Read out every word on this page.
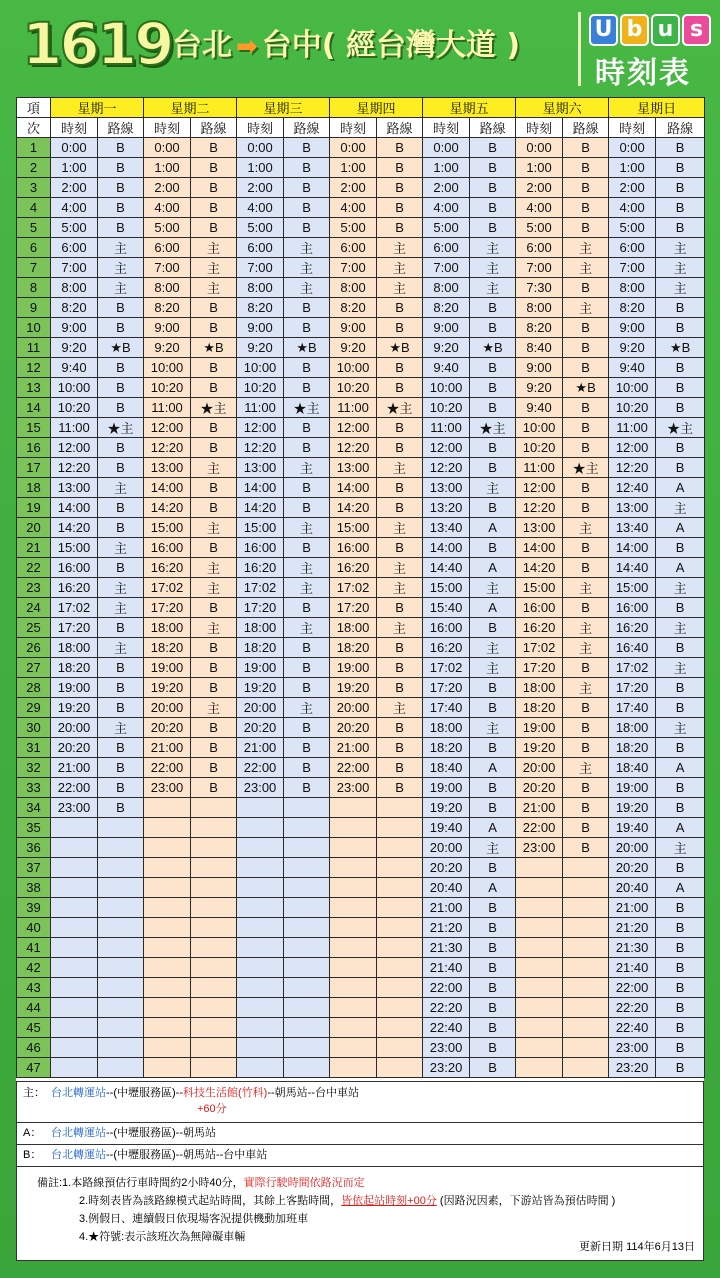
1619 台北 ➡ 台中( 經台灣大道 )	U b u s
時刻表
項	星期一		星期二		星期三		星期四		星期五		星期六		星期日	
次	時刻	路線	時刻	路線	時刻	路線	時刻	路線	時刻	路線	時刻	路線	時刻	路線
1	0:00	B	0:00	B	0:00	B	0:00	B	0:00	B	0:00	B	0:00	B
2	1:00	B	1:00	B	1:00	B	1:00	B	1:00	B	1:00	B	1:00	B
3	2:00	B	2:00	B	2:00	B	2:00	B	2:00	B	2:00	B	2:00	B
4	4:00	B	4:00	B	4:00	B	4:00	B	4:00	B	4:00	B	4:00	B
5	5:00	B	5:00	B	5:00	B	5:00	B	5:00	B	5:00	B	5:00	B
6	6:00	主	6:00	主	6:00	主	6:00	主	6:00	主	6:00	主	6:00	主
7	7:00	主	7:00	主	7:00	主	7:00	主	7:00	主	7:00	主	7:00	主
8	8:00	主	8:00	主	8:00	主	8:00	主	8:00	主	7:30	B	8:00	主
9	8:20	B	8:20	B	8:20	B	8:20	B	8:20	B	8:00	主	8:20	B
10	9:00	B	9:00	B	9:00	B	9:00	B	9:00	B	8:20	B	9:00	B
11	9:20	★B	9:20	★B	9:20	★B	9:20	★B	9:20	★B	8:40	B	9:20	★B
12	9:40	B	10:00	B	10:00	B	10:00	B	9:40	B	9:00	B	9:40	B
13	10:00	B	10:20	B	10:20	B	10:20	B	10:00	B	9:20	★B	10:00	B
14	10:20	B	11:00	★主	11:00	★主	11:00	★主	10:20	B	9:40	B	10:20	B
15	11:00	★主	12:00	B	12:00	B	12:00	B	11:00	★主	10:00	B	11:00	★主
16	12:00	B	12:20	B	12:20	B	12:20	B	12:00	B	10:20	B	12:00	B
17	12:20	B	13:00	主	13:00	主	13:00	主	12:20	B	11:00	★主	12:20	B
18	13:00	主	14:00	B	14:00	B	14:00	B	13:00	主	12:00	B	12:40	A
19	14:00	B	14:20	B	14:20	B	14:20	B	13:20	B	12:20	B	13:00	主
20	14:20	B	15:00	主	15:00	主	15:00	主	13:40	A	13:00	主	13:40	A
21	15:00	主	16:00	B	16:00	B	16:00	B	14:00	B	14:00	B	14:00	B
22	16:00	B	16:20	主	16:20	主	16:20	主	14:40	A	14:20	B	14:40	A
23	16:20	主	17:02	主	17:02	主	17:02	主	15:00	主	15:00	主	15:00	主
24	17:02	主	17:20	B	17:20	B	17:20	B	15:40	A	16:00	B	16:00	B
25	17:20	B	18:00	主	18:00	主	18:00	主	16:00	B	16:20	主	16:20	主
26	18:00	主	18:20	B	18:20	B	18:20	B	16:20	主	17:02	主	16:40	B
27	18:20	B	19:00	B	19:00	B	19:00	B	17:02	主	17:20	B	17:02	主
28	19:00	B	19:20	B	19:20	B	19:20	B	17:20	B	18:00	主	17:20	B
29	19:20	B	20:00	主	20:00	主	20:00	主	17:40	B	18:20	B	17:40	B
30	20:00	主	20:20	B	20:20	B	20:20	B	18:00	主	19:00	B	18:00	主
31	20:20	B	21:00	B	21:00	B	21:00	B	18:20	B	19:20	B	18:20	B
32	21:00	B	22:00	B	22:00	B	22:00	B	18:40	A	20:00	主	18:40	A
33	22:00	B	23:00	B	23:00	B	23:00	B	19:00	B	20:20	B	19:00	B
34	23:00	B							19:20	B	21:00	B	19:20	B
35									19:40	A	22:00	B	19:40	A
36									20:00	主	23:00	B	20:00	主
37									20:20	B			20:20	B
38									20:40	A			20:40	A
39									21:00	B			21:00	B
40									21:20	B			21:20	B
41									21:30	B			21:30	B
42									21:40	B			21:40	B
43									22:00	B			22:00	B
44									22:20	B			22:20	B
45									22:40	B			22:40	B
46									23:00	B			23:00	B
47									23:20	B			23:20	B
主： 台北轉運站--(中壢服務區)--科技生活館(竹科)--朝馬站--台中車站
+60分
A： 台北轉運站--(中壢服務區)--朝馬站
B： 台北轉運站--(中壢服務區)--朝馬站--台中車站
備註:1.本路線預估行車時間約2小時40分，實際行駛時間依路況而定
2.時刻表皆為該路線模式起站時間，其餘上客點時間，皆依起站時刻+00分 (因路況因素，下游站皆為預估時間 )
3.例假日、連續假日依現場客況提供機動加班車
4.★符號:表示該班次為無障礙車輛
更新日期 114年6月13日
